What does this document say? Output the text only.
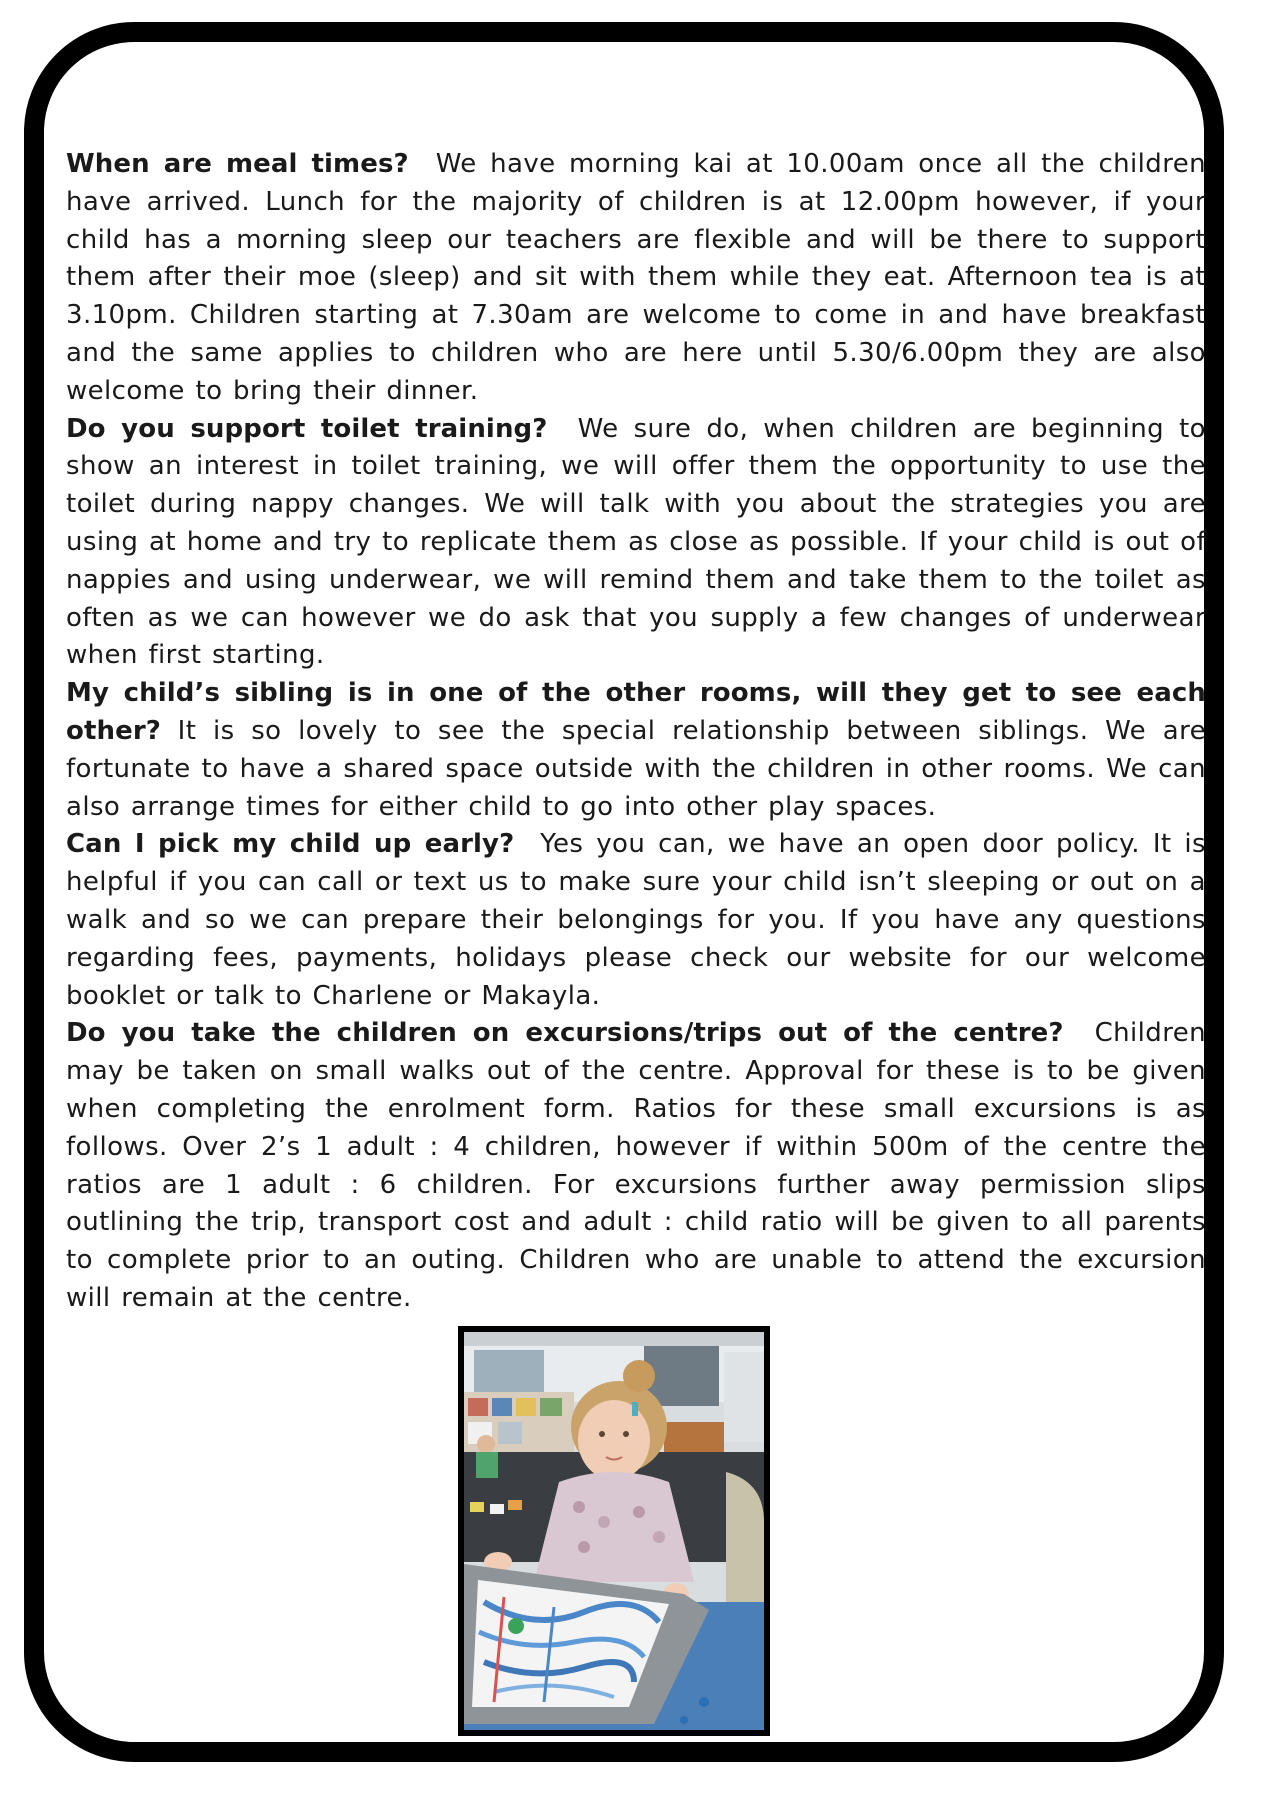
When are meal times? We have morning kai at 10.00am once all the children have arrived. Lunch for the majority of children is at 12.00pm however, if your child has a morning sleep our teachers are flexible and will be there to support them after their moe (sleep) and sit with them while they eat. Afternoon tea is at 3.10pm. Children starting at 7.30am are welcome to come in and have breakfast and the same applies to children who are here until 5.30/6.00pm they are also welcome to bring their dinner.

Do you support toilet training? We sure do, when children are beginning to show an interest in toilet training, we will offer them the opportunity to use the toilet during nappy changes. We will talk with you about the strategies you are using at home and try to replicate them as close as possible. If your child is out of nappies and using underwear, we will remind them and take them to the toilet as often as we can however we do ask that you supply a few changes of underwear when first starting.

My child’s sibling is in one of the other rooms, will they get to see each other? It is so lovely to see the special relationship between siblings. We are fortunate to have a shared space outside with the children in other rooms. We can also arrange times for either child to go into other play spaces.

Can I pick my child up early? Yes you can, we have an open door policy. It is helpful if you can call or text us to make sure your child isn’t sleeping or out on a walk and so we can prepare their belongings for you. If you have any questions regarding fees, payments, holidays please check our website for our welcome booklet or talk to Charlene or Makayla.

Do you take the children on excursions/trips out of the centre? Children may be taken on small walks out of the centre. Approval for these is to be given when completing the enrolment form. Ratios for these small excursions is as follows. Over 2’s 1 adult : 4 children, however if within 500m of the centre the ratios are 1 adult : 6 children. For excursions further away permission slips outlining the trip, transport cost and adult : child ratio will be given to all parents to complete prior to an outing. Children who are unable to attend the excursion will remain at the centre.
